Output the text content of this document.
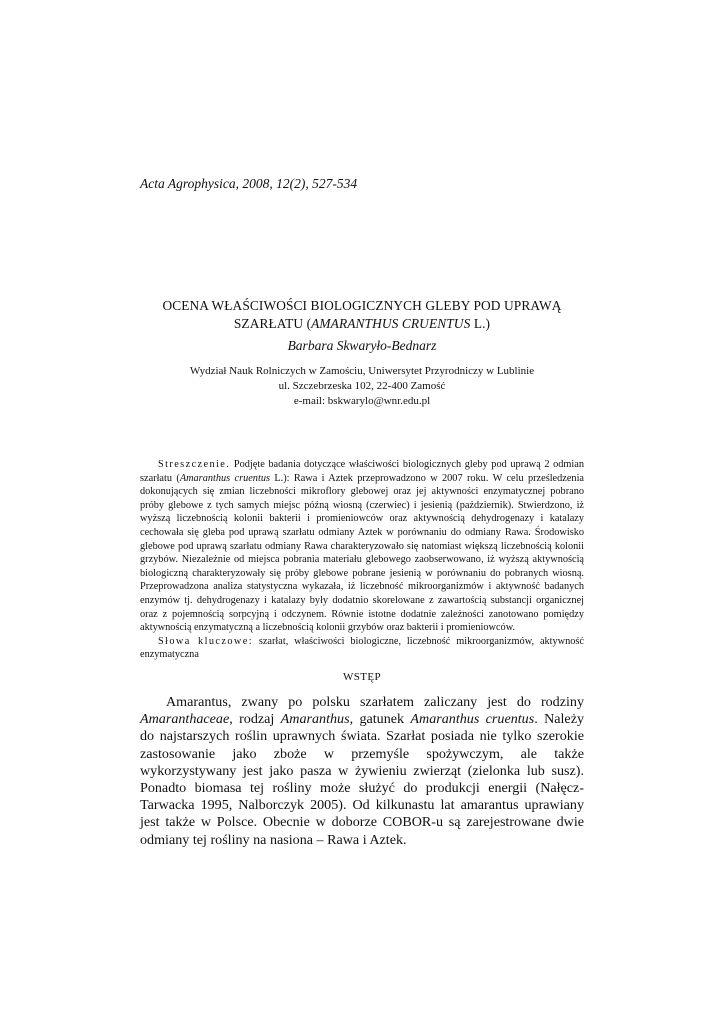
Acta Agrophysica, 2008, 12(2), 527-534
OCENA WŁAŚCIWOŚCI BIOLOGICZNYCH GLEBY POD UPRAWĄ
SZARŁATU (AMARANTHUS CRUENTUS L.)
Barbara Skwaryło-Bednarz
Wydział Nauk Rolniczych w Zamościu, Uniwersytet Przyrodniczy w Lublinie
ul. Szczebrzeska 102, 22-400 Zamość
e-mail: bskwarylo@wnr.edu.pl

Streszczenie. Podjęte badania dotyczące właściwości biologicznych gleby pod uprawą 2 odmian szarłatu (Amaranthus cruentus L.): Rawa i Aztek przeprowadzono w 2007 roku. W celu prześledzenia dokonujących się zmian liczebności mikroflory glebowej oraz jej aktywności enzymatycznej pobrano próby glebowe z tych samych miejsc późną wiosną (czerwiec) i jesienią (październik). Stwierdzono, iż wyższą liczebnością kolonii bakterii i promieniowców oraz aktywnością dehydrogenazy i katalazy cechowała się gleba pod uprawą szarłatu odmiany Aztek w porównaniu do odmiany Rawa. Środowisko glebowe pod uprawą szarłatu odmiany Rawa charakteryzowało się natomiast większą liczebnością kolonii grzybów. Niezależnie od miejsca pobrania materiału glebowego zaobserwowano, iż wyższą aktywnością biologiczną charakteryzowały się próby glebowe pobrane jesienią w porównaniu do pobranych wiosną. Przeprowadzona analiza statystyczna wykazała, iż liczebność mikroorganizmów i aktywność badanych enzymów tj. dehydrogenazy i katalazy były dodatnio skorelowane z zawartością substancji organicznej oraz z pojemnością sorpcyjną i odczynem. Równie istotne dodatnie zależności zanotowano pomiędzy aktywnością enzymatyczną a liczebnością kolonii grzybów oraz bakterii i promieniowców.

Słowa kluczowe: szarłat, właściwości biologiczne, liczebność mikroorganizmów, aktywność enzymatyczna

WSTĘP

Amarantus, zwany po polsku szarłatem zaliczany jest do rodziny Amaranthaceae, rodzaj Amaranthus, gatunek Amaranthus cruentus. Należy do najstarszych roślin uprawnych świata. Szarłat posiada nie tylko szerokie zastosowanie jako zboże w przemyśle spożywczym, ale także wykorzystywany jest jako pasza w żywieniu zwierząt (zielonka lub susz). Ponadto biomasa tej rośliny może służyć do produkcji energii (Nałęcz-Tarwacka 1995, Nalborczyk 2005). Od kilkunastu lat amarantus uprawiany jest także w Polsce. Obecnie w doborze COBOR-u są zarejestrowane dwie odmiany tej rośliny na nasiona – Rawa i Aztek.
